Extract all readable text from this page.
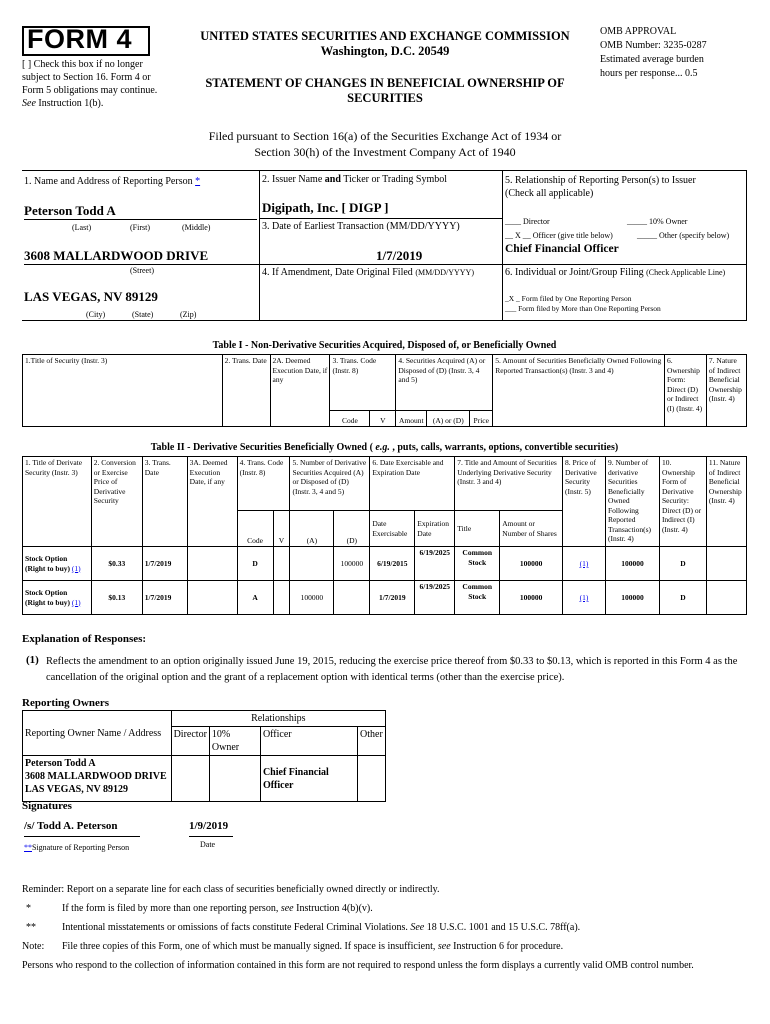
FORM 4
[ ] Check this box if no longer subject to Section 16. Form 4 or Form 5 obligations may continue. See Instruction 1(b).
UNITED STATES SECURITIES AND EXCHANGE COMMISSION
Washington, D.C. 20549
STATEMENT OF CHANGES IN BENEFICIAL OWNERSHIP OF
SECURITIES
OMB APPROVAL
OMB Number: 3235-0287
Estimated average burden
hours per response... 0.5
Filed pursuant to Section 16(a) of the Securities Exchange Act of 1934 or
Section 30(h) of the Investment Company Act of 1940
1. Name and Address of Reporting Person *
Peterson Todd A
(Last)	(First)	(Middle)
3608 MALLARDWOOD DRIVE
(Street)
LAS VEGAS, NV 89129
(City)	(State)	(Zip)
2. Issuer Name and Ticker or Trading Symbol
Digipath, Inc. [ DIGP ]
3. Date of Earliest Transaction (MM/DD/YYYY)
1/7/2019
4. If Amendment, Date Original Filed (MM/DD/YYYY)
5. Relationship of Reporting Person(s) to Issuer
(Check all applicable)
____ Director	_____ 10% Owner
__ X __ Officer (give title below)	_____ Other (specify below)
Chief Financial Officer
6. Individual or Joint/Group Filing (Check Applicable Line)
_X _ Form filed by One Reporting Person
___ Form filed by More than One Reporting Person
Table I - Non-Derivative Securities Acquired, Disposed of, or Beneficially Owned
1.Title of Security (Instr. 3)	2. Trans. Date	2A. Deemed Execution Date, if any	3. Trans. Code (Instr. 8)		4. Securities Acquired (A) or Disposed of (D) (Instr. 3, 4 and 5)			5. Amount of Securities Beneficially Owned Following Reported Transaction(s) (Instr. 3 and 4)	6. Ownership Form: Direct (D) or Indirect (I) (Instr. 4)	7. Nature of Indirect Beneficial Ownership (Instr. 4)
			Code	V	Amount	(A) or (D)	Price			
Table II - Derivative Securities Beneficially Owned ( e.g. , puts, calls, warrants, options, convertible securities)
1. Title of Derivate Security (Instr. 3)	2. Conversion or Exercise Price of Derivative Security	3. Trans. Date	3A. Deemed Execution Date, if any	4. Trans. Code (Instr. 8)		5. Number of Derivative Securities Acquired (A) or Disposed of (D) (Instr. 3, 4 and 5)		6. Date Exercisable and Expiration Date		7. Title and Amount of Securities Underlying Derivative Security (Instr. 3 and 4)		8. Price of Derivative Security (Instr. 5)	9. Number of derivative Securities Beneficially Owned Following Reported Transaction(s) (Instr. 4)	10. Ownership Form of Derivative Security: Direct (D) or Indirect (I) (Instr. 4)	11. Nature of Indirect Beneficial Ownership (Instr. 4)
				Code	V	(A)	(D)	Date Exercisable	Expiration Date	Title	Amount or Number of Shares				
Stock Option (Right to buy) (1)	$0.33	1/7/2019		D			100000	6/19/2015	6/19/2025	Common Stock	100000	(1)	100000	D	
Stock Option (Right to buy) (1)	$0.13	1/7/2019		A		100000		1/7/2019	6/19/2025	Common Stock	100000	(1)	100000	D	
Explanation of Responses:
(1) Reflects the amendment to an option originally issued June 19, 2015, reducing the exercise price thereof from $0.33 to $0.13, which is reported in this Form 4 as the cancellation of the original option and the grant of a replacement option with identical terms (other than the exercise price).
Reporting Owners
Reporting Owner Name / Address	Relationships			
	Director	10% Owner	Officer	Other

Peterson Todd A
3608 MALLARDWOOD DRIVE
LAS VEGAS, NV 89129			Chief Financial Officer	
Signatures
/s/ Todd A. Peterson	1/9/2019
**Signature of Reporting Person	Date
Reminder: Report on a separate line for each class of securities beneficially owned directly or indirectly.
*	If the form is filed by more than one reporting person, see Instruction 4(b)(v).
**	Intentional misstatements or omissions of facts constitute Federal Criminal Violations. See 18 U.S.C. 1001 and 15 U.S.C. 78ff(a).
Note: File three copies of this Form, one of which must be manually signed. If space is insufficient, see Instruction 6 for procedure.
Persons who respond to the collection of information contained in this form are not required to respond unless the form displays a currently valid OMB control number.
